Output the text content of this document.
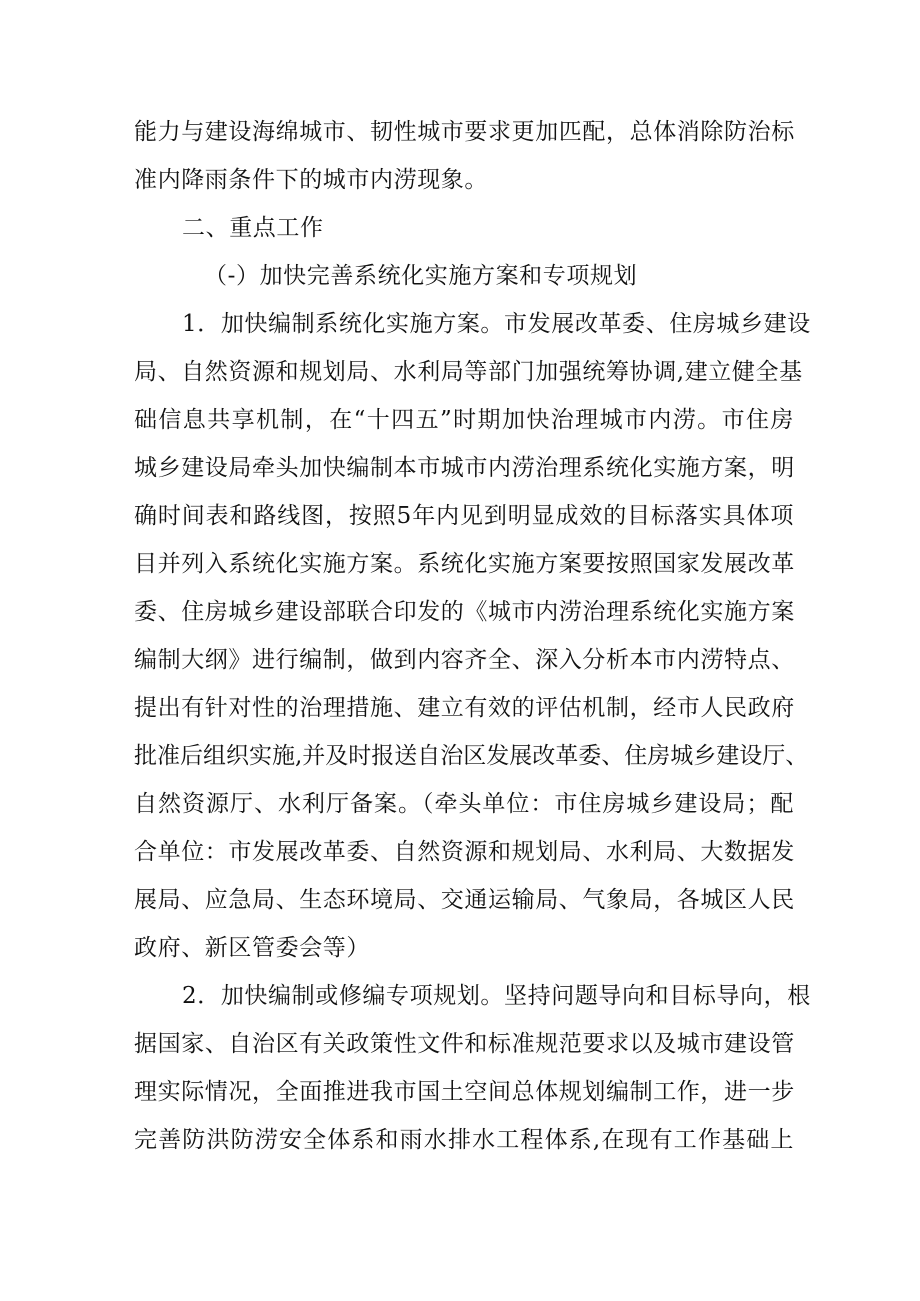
能力与建设海绵城市、韧性城市要求更加匹配，总体消除防治标
准内降雨条件下的城市内涝现象。
二、重点工作
（-）加快完善系统化实施方案和专项规划
1．加快编制系统化实施方案。市发展改革委、住房城乡建设
局、自然资源和规划局、水利局等部门加强统筹协调,建立健全基
础信息共享机制，在“十四五”时期加快治理城市内涝。市住房
城乡建设局牵头加快编制本市城市内涝治理系统化实施方案，明
确时间表和路线图，按照5年内见到明显成效的目标落实具体项
目并列入系统化实施方案。系统化实施方案要按照国家发展改革
委、住房城乡建设部联合印发的《城市内涝治理系统化实施方案
编制大纲》进行编制，做到内容齐全、深入分析本市内涝特点、
提出有针对性的治理措施、建立有效的评估机制，经市人民政府
批准后组织实施,并及时报送自治区发展改革委、住房城乡建设厅、
自然资源厅、水利厅备案。（牵头单位：市住房城乡建设局；配
合单位：市发展改革委、自然资源和规划局、水利局、大数据发
展局、应急局、生态环境局、交通运输局、气象局，各城区人民
政府、新区管委会等）
2．加快编制或修编专项规划。坚持问题导向和目标导向，根
据国家、自治区有关政策性文件和标准规范要求以及城市建设管
理实际情况，全面推进我市国土空间总体规划编制工作，进一步
完善防洪防涝安全体系和雨水排水工程体系,在现有工作基础上
